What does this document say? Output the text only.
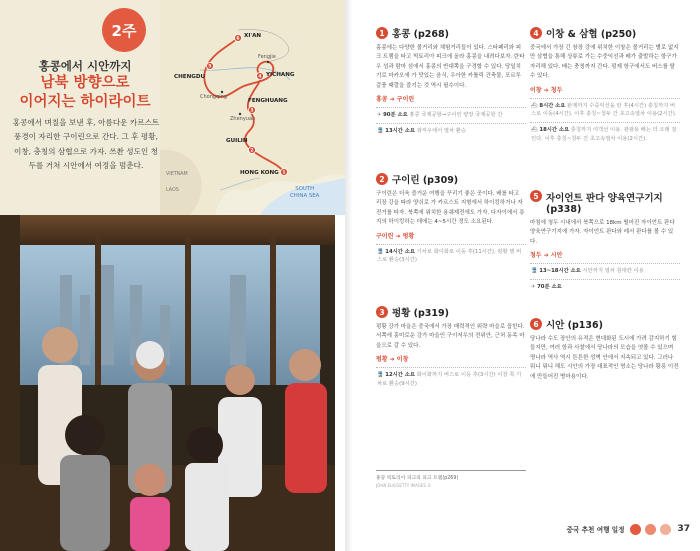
2주
홍콩에서 시안까지
남북 방향으로
이어지는 하이라이트
홍콩에서 며칠을 보낸 후, 아름다운 카르스트 풍경이 자리한 구이린으로 간다. 그 후 평황, 이창, 충칭의 삼협으로 가자. 쓰촨 성도인 청두를 거쳐 시안에서 여정을 멈춘다.
6
5
4
3
2
1
XI'AN
CHENGDU
Fengjie
YICHANG
Chongqing
FENGHUANG
Zhenyuan
GUILIN
HONG KONG
VIETNAM
LAOS	SOUTH
CHINA SEA
1 홍콩 (p268)
홍콩에는 다양한 볼거리와 체험거리들이 있다. 스타페리와 피크 트램을 타고 빅토리아 피크에 올라 홍콩을 내려다보자. 란타우 섬과 람마 섬에서 홍콩의 반대쪽을 구경할 수 있다. 당일치기로 마카오에 가 맛있는 음식, 우아한 카톨릭 건축물, 포르투갈풍 때깔을 즐기는 것 역시 필수이다.
홍콩 ➔ 구이린
✈ 90분 소요 홍콩 국제공항→구이린 량장 국제공항 간
🚆 13시간 소요 광저우에서 열차 환승
2 구이린 (p309)
구이린은 더욱 즐거운 여행을 꾸리기 좋은 곳이다. 배를 타고 리장 강을 따라 양쉬로 가 카르스트 지형에서 하이킹하거나 자전거를 타자. 북쪽에 위치한 용쉐제전에도 가자. 다자이에서 릉지의 하이킹하는 데에는 4~5시간 정도 소요된다.
구이린 ➔ 펑황
🚆 14시간 소요 기차로 화이화로 이동 후(11시간), 펑황 행 버스로 환승(3시간)
3 펑황 (p319)
펑황 강가 마을은 중국에서 가장 매력적인 위략 마을로 꼽힌다. 서쪽에 흥미로운 강가 마을인 구이저우의 전위안, 근처 동족 마을으로 갈 수 있다.
펑황 ➔ 이창
🚆 12시간 소요 화이화까지 버스로 이동 후(3시간) 이창 쪽 기차로 환승(9시간)
홍콩 빅토리아 피크의 피크 트램(p269)
JOHN ELK/GETTY IMAGES ©
4 이창 & 삼협 (p250)
중국에서 가장 긴 창장 강에 위치한 이창은 볼거리는 별로 없지만 삼협을 통해 상류로 가는 수중익선과 배가 출발하는 항구가 자리해 있다. 배는 충칭까지 간다. 펑제 항구에서도 버스를 탈 수 있다.
이창 ➔ 청두
⛴ 8시간 소요 완제까지 수중익선을 탄 후(4시간) 충칭까지 버스로 이동(4시간). 이후 충칭~청두 간 초고속열차 이용(2시간).
⛴ 18시간 소요 충칭까지 여객선 이용. 관광용 배는 더 오래 걸린다. 이후 충칭~청두 간 초고속열차 이용(2시간).
5 자이언트 판다 양육연구기지
(p338)
마침에 청두 시내에서 북쪽으로 18km 떨어진 자이언트 판다 양육연구기지에 가자. 자이언트 판다와 레서 판다를 볼 수 있다.
청두 ➔ 시안
🚆 13~18시간 소요 시안까지 열차 침대칸 이용
✈ 70분 소요
6 시안 (p136)
당나라 수도 장안의 유적은 현대화된 도시에 가려 감지하기 힘들지만, 여러 항과 사찰에서 당나라의 모습을 엿볼 수 있으며 명나라 역사 역시 튼튼한 성벽 안에서 지속되고 있다. 그러나 뭐니 뭐니 해도 시안의 가장 대표적인 명소는 당나라 황릉 이전에 만들어진 병마용이다.
중국 추천 여행 일정	37
